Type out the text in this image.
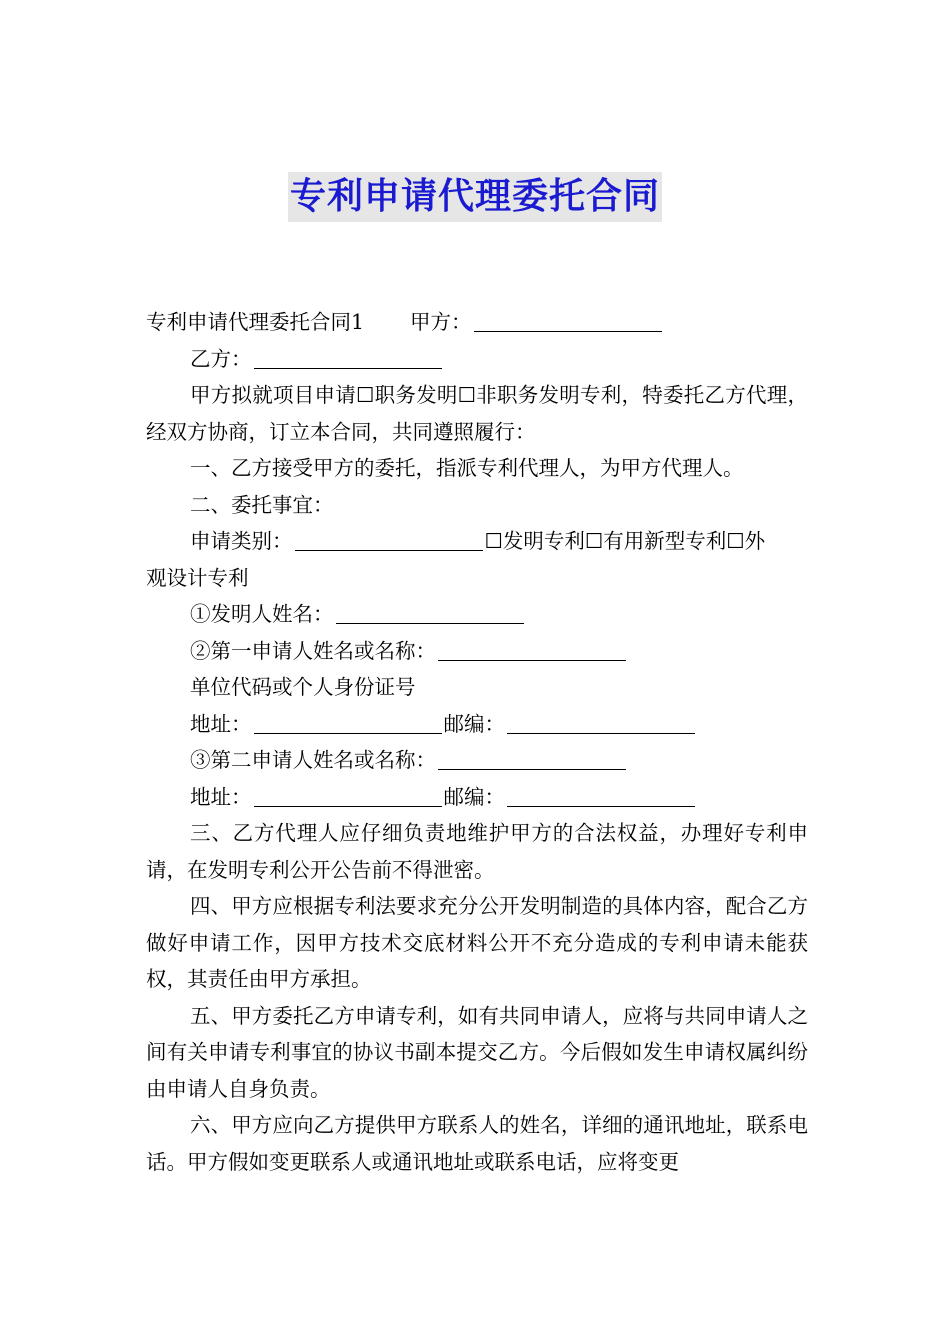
专利申请代理委托合同
专利申请代理委托合同1 甲方：
乙方：
甲方拟就项目申请☐职务发明☐非职务发明专利，特委托乙方代理，经双方协商，订立本合同，共同遵照履行：
一、乙方接受甲方的委托，指派专利代理人，为甲方代理人。
二、委托事宜：
申请类别：	☐发明专利☐有用新型专利☐外
观设计专利
①发明人姓名：
②第一申请人姓名或名称：
单位代码或个人身份证号
地址：	邮编：
③第二申请人姓名或名称：
地址：	邮编：
三、乙方代理人应仔细负责地维护甲方的合法权益，办理好专利申请，在发明专利公开公告前不得泄密。
四、甲方应根据专利法要求充分公开发明制造的具体内容，配合乙方做好申请工作，因甲方技术交底材料公开不充分造成的专利申请未能获权，其责任由甲方承担。
五、甲方委托乙方申请专利，如有共同申请人，应将与共同申请人之间有关申请专利事宜的协议书副本提交乙方。今后假如发生申请权属纠纷由申请人自身负责。
六、甲方应向乙方提供甲方联系人的姓名，详细的通讯地址，联系电话。甲方假如变更联系人或通讯地址或联系电话，应将变更
